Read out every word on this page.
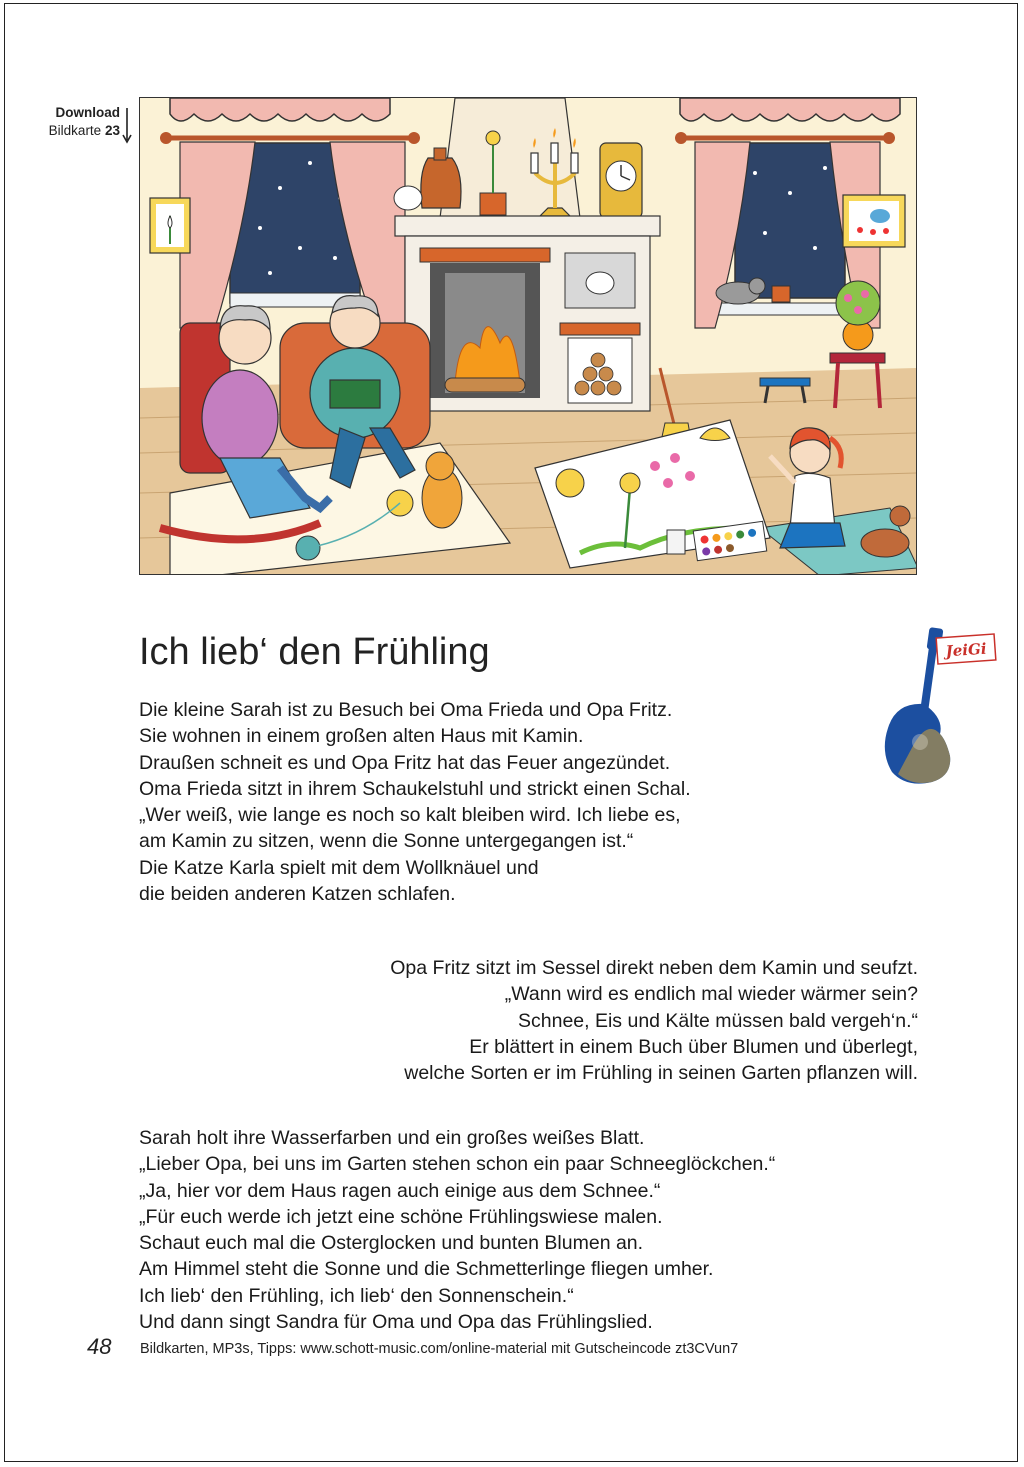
Download
Bildkarte 23
Ich lieb‘ den Frühling	JeiGi
Die kleine Sarah ist zu Besuch bei Oma Frieda und Opa Fritz.
Sie wohnen in einem großen alten Haus mit Kamin.
Draußen schneit es und Opa Fritz hat das Feuer angezündet.
Oma Frieda sitzt in ihrem Schaukelstuhl und strickt einen Schal.
„Wer weiß, wie lange es noch so kalt bleiben wird. Ich liebe es,
am Kamin zu sitzen, wenn die Sonne untergegangen ist.“
Die Katze Karla spielt mit dem Wollknäuel und
die beiden anderen Katzen schlafen.
Opa Fritz sitzt im Sessel direkt neben dem Kamin und seufzt.
„Wann wird es endlich mal wieder wärmer sein?
Schnee, Eis und Kälte müssen bald vergeh‘n.“
Er blättert in einem Buch über Blumen und überlegt,
welche Sorten er im Frühling in seinen Garten pflanzen will.
Sarah holt ihre Wasserfarben und ein großes weißes Blatt.
„Lieber Opa, bei uns im Garten stehen schon ein paar Schneeglöckchen.“
„Ja, hier vor dem Haus ragen auch einige aus dem Schnee.“
„Für euch werde ich jetzt eine schöne Frühlingswiese malen.
Schaut euch mal die Osterglocken und bunten Blumen an.
Am Himmel steht die Sonne und die Schmetterlinge fliegen umher.
Ich lieb‘ den Frühling, ich lieb‘ den Sonnenschein.“
Und dann singt Sandra für Oma und Opa das Frühlingslied.
48 Bildkarten, MP3s, Tipps: www.schott-music.com/online-material mit Gutscheincode zt3CVun7
